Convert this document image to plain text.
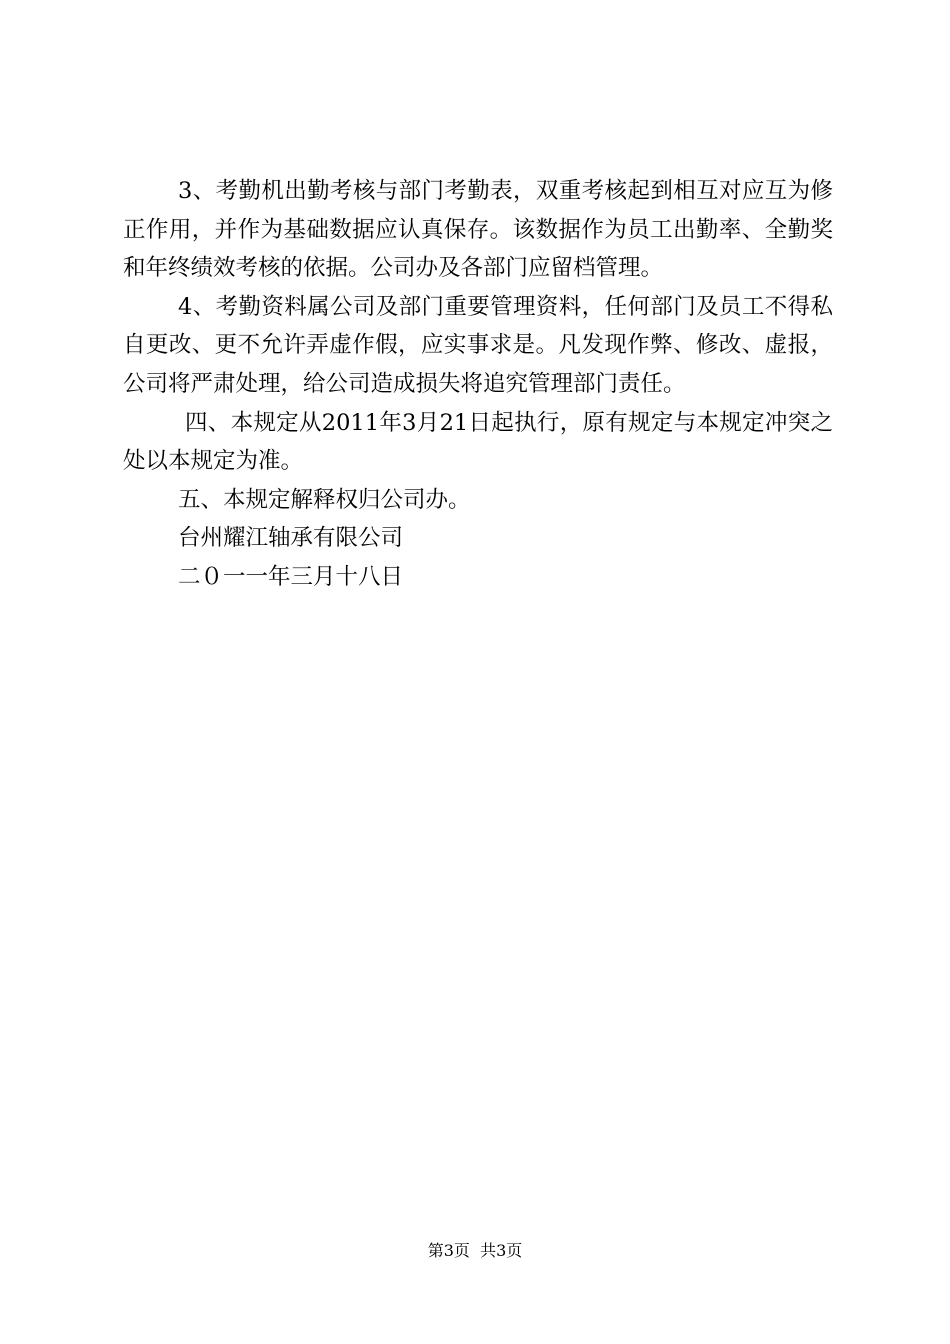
3、考勤机出勤考核与部门考勤表，双重考核起到相互对应互为修正作用，并作为基础数据应认真保存。该数据作为员工出勤率、全勤奖和年终绩效考核的依据。公司办及各部门应留档管理。

4、考勤资料属公司及部门重要管理资料，任何部门及员工不得私自更改、更不允许弄虚作假，应实事求是。凡发现作弊、修改、虚报，公司将严肃处理，给公司造成损失将追究管理部门责任。

四、本规定从2011年3月21日起执行，原有规定与本规定冲突之处以本规定为准。

五、本规定解释权归公司办。

台州耀江轴承有限公司

二０一一年三月十八日

第3页 共3页
